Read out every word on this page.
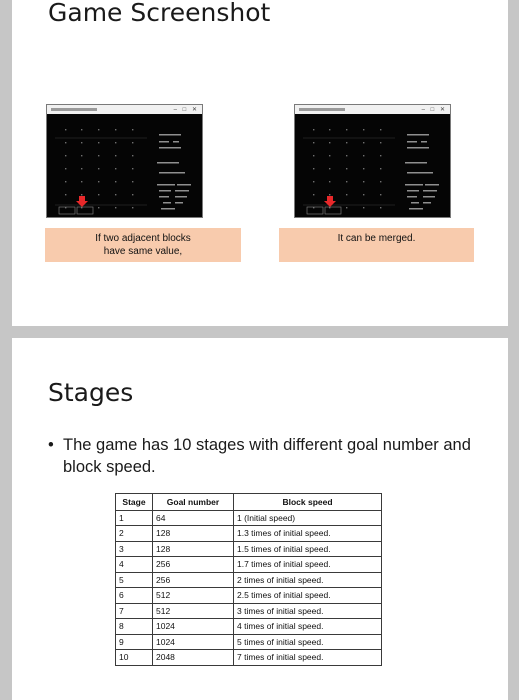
Game Screenshot
– □ ✕	– □ ✕
If two adjacent blocks
have same value,
It can be merged.
Stages
• The game has 10 stages with different goal number and block speed.
Stage	Goal number	Block speed
1	64	1 (Initial speed)
2	128	1.3 times of initial speed.
3	128	1.5 times of initial speed.
4	256	1.7 times of initial speed.
5	256	2 times of initial speed.
6	512	2.5 times of initial speed.
7	512	3 times of initial speed.
8	1024	4 times of initial speed.
9	1024	5 times of initial speed.
10	2048	7 times of initial speed.
